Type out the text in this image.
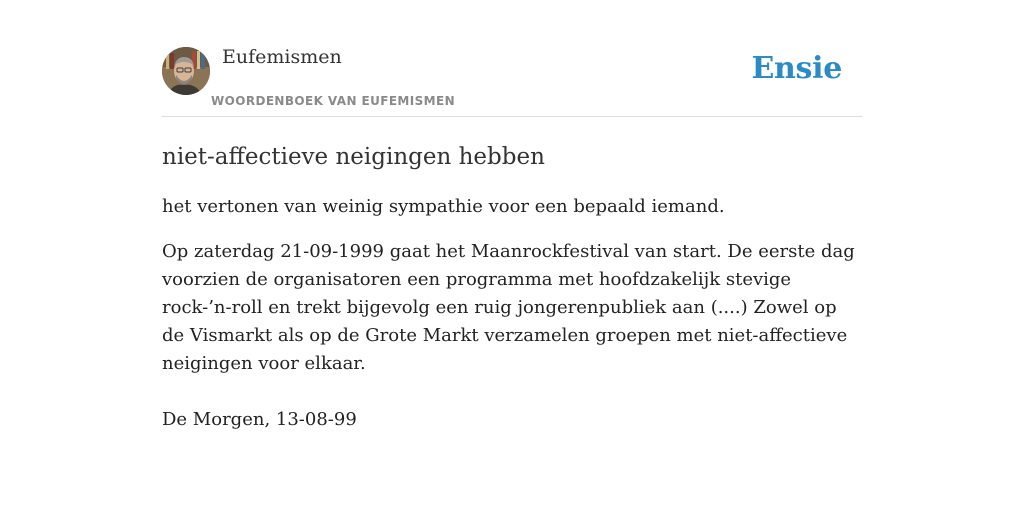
Eufemismen
WOORDENBOEK VAN EUFEMISMEN
Ensie
niet-affectieve neigingen hebben

het vertonen van weinig sympathie voor een bepaald iemand.

Op zaterdag 21-09-1999 gaat het Maanrockfestival van start. De eerste dag voorzien de organisatoren een programma met hoofdzakelijk stevige rock-’n-roll en trekt bijgevolg een ruig jongerenpubliek aan (....) Zowel op de Vismarkt als op de Grote Markt verzamelen groepen met niet-affectieve neigingen voor elkaar.

De Morgen, 13-08-99
